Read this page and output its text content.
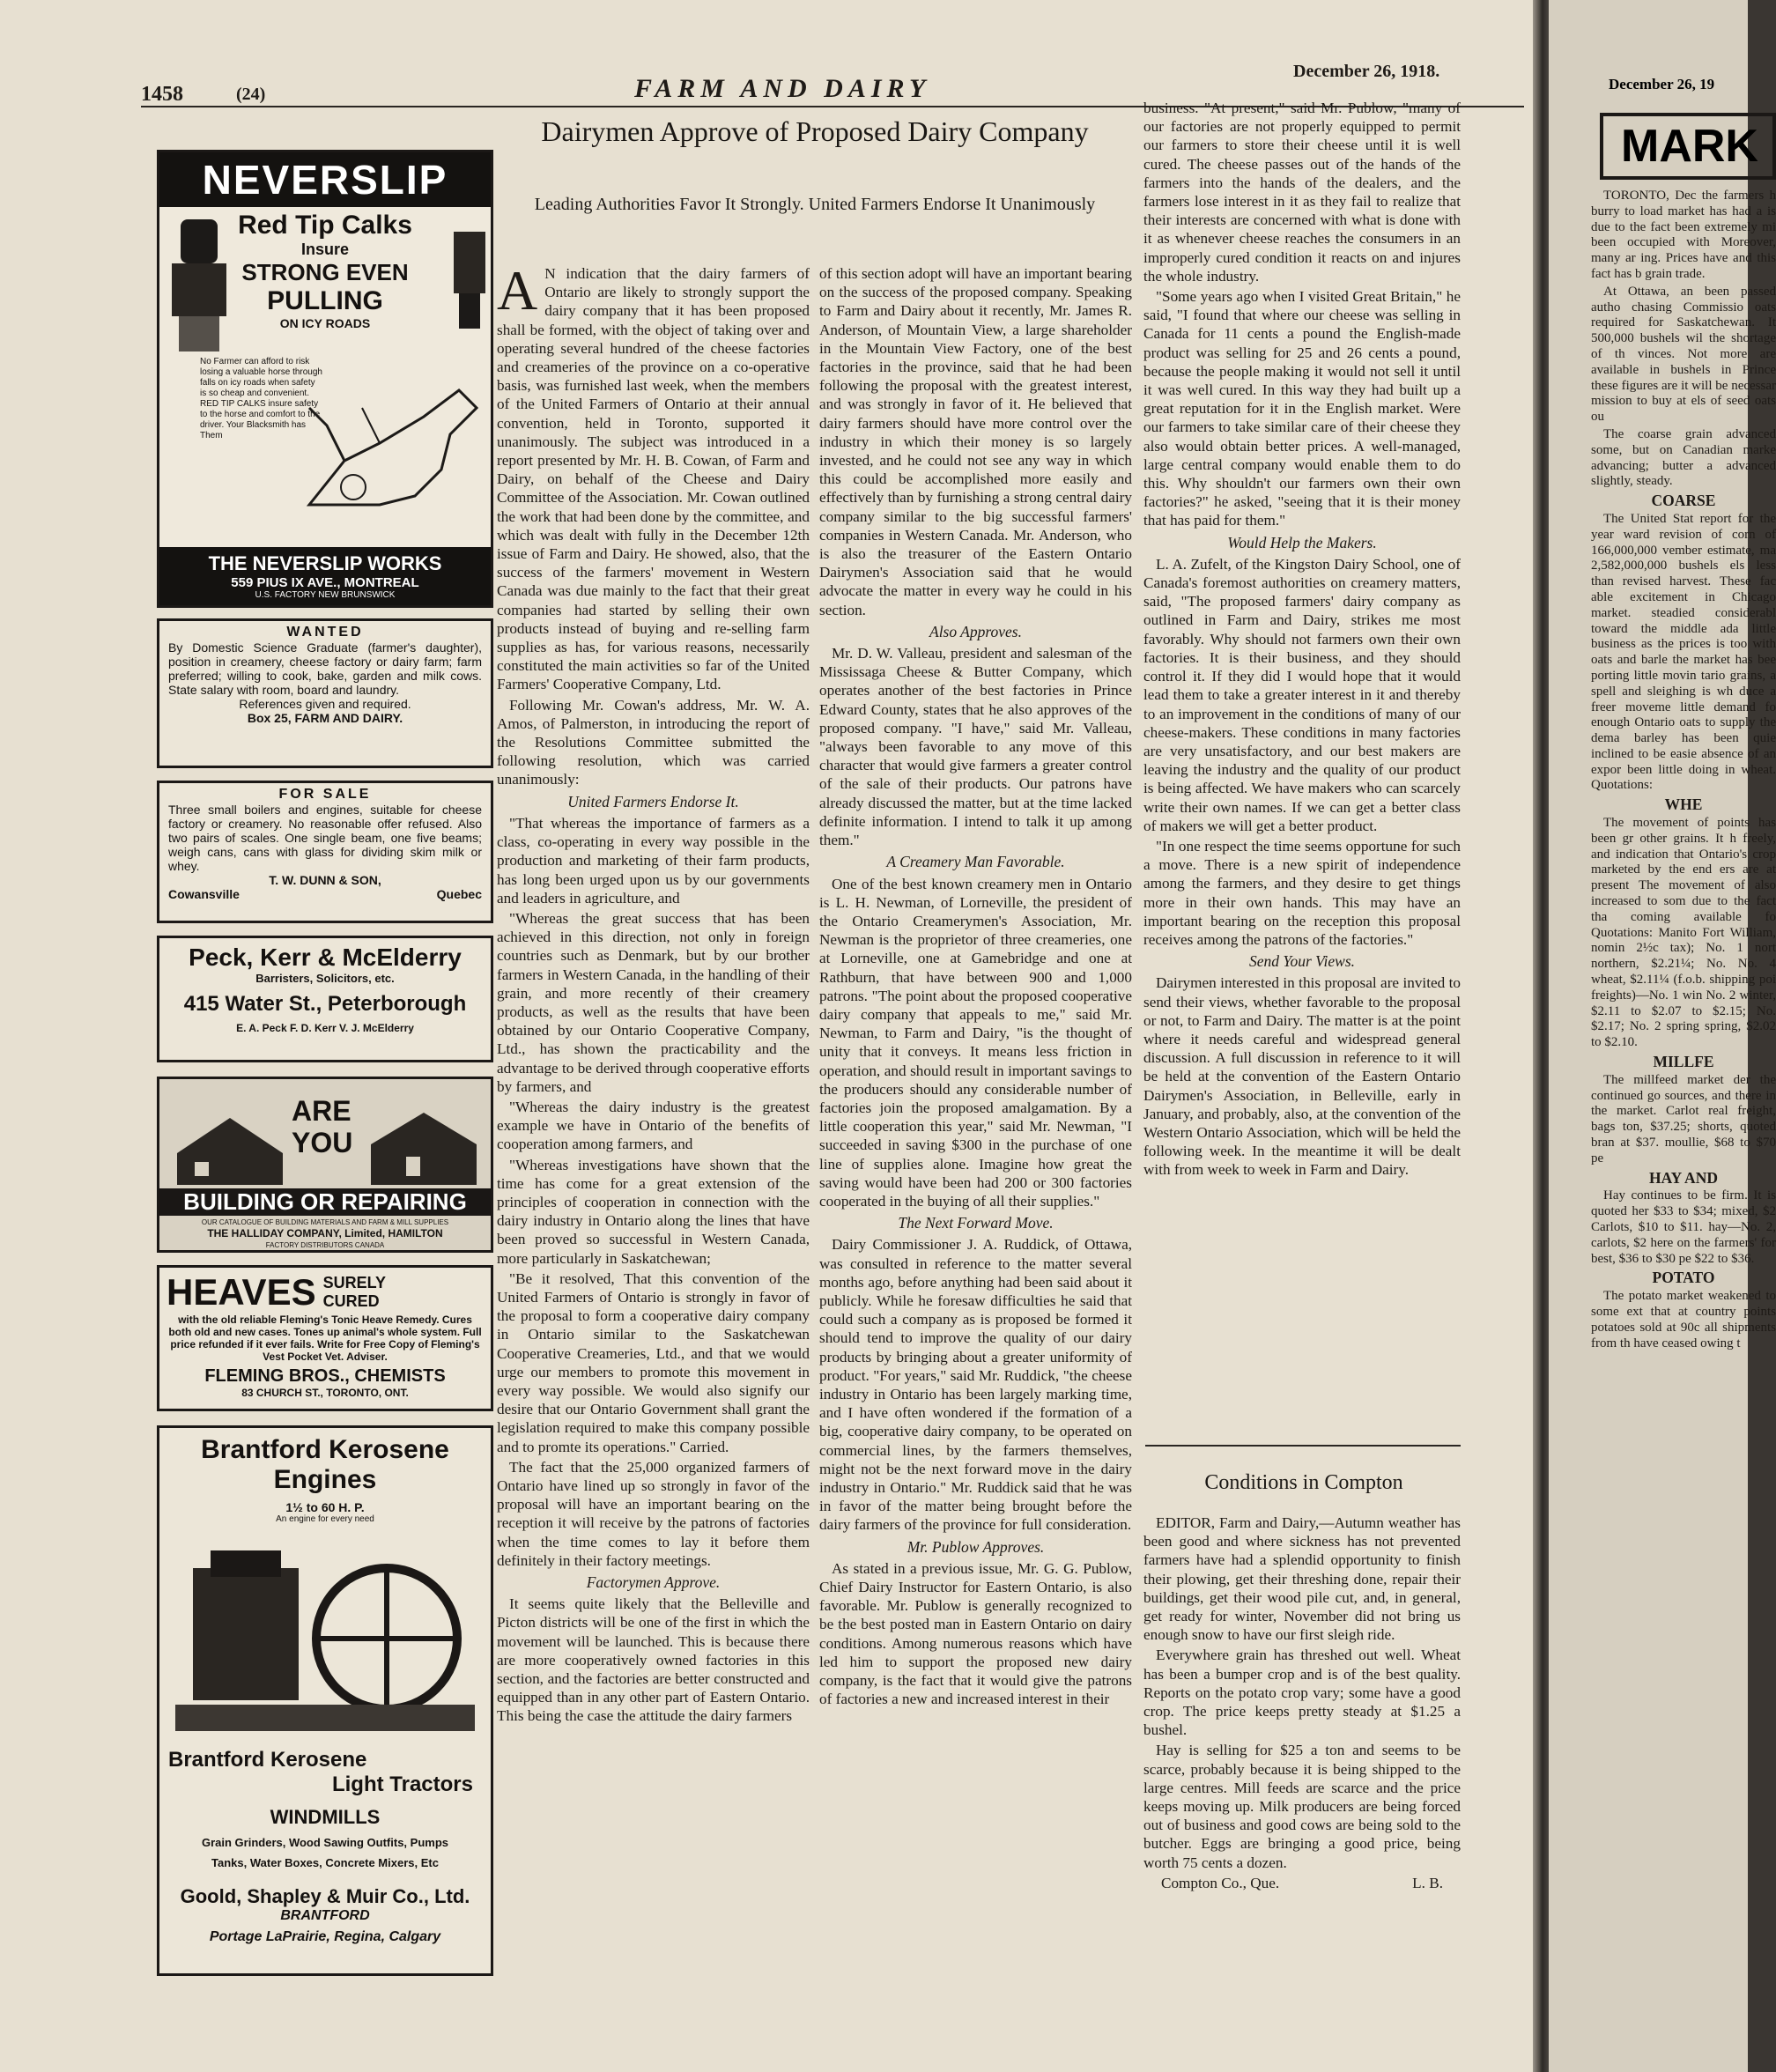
1458	(24)	FARM AND DAIRY
December 26, 1918.
NEVERSLIP
Red Tip Calks
Insure
STRONG EVEN
PULLING
ON ICY ROADS
No Farmer can afford to risk losing a valuable horse through falls on icy roads when safety is so cheap and convenient. RED TIP CALKS insure safety to the horse and comfort to the driver. Your Blacksmith has Them
THE NEVERSLIP WORKS
559 PIUS IX AVE., MONTREAL
U.S. FACTORY NEW BRUNSWICK
WANTED
By Domestic Science Graduate (farmer's daughter), position in creamery, cheese factory or dairy farm; farm preferred; willing to cook, bake, garden and milk cows. State salary with room, board and laundry.
References given and required.
Box 25, FARM AND DAIRY.
FOR SALE
Three small boilers and engines, suitable for cheese factory or creamery. No reasonable offer refused. Also two pairs of scales. One single beam, one five beams; weigh cans, cans with glass for dividing skim milk or whey.
T. W. DUNN & SON,
Cowansville	Quebec
Peck, Kerr & McElderry
Barristers, Solicitors, etc.
415 Water St., Peterborough
E. A. Peck F. D. Kerr V. J. McElderry
ARE
YOU
BUILDING OR REPAIRING
OUR CATALOGUE OF BUILDING MATERIALS AND FARM & MILL SUPPLIES
THE HALLIDAY COMPANY, Limited, HAMILTON
FACTORY DISTRIBUTORS CANADA
HEAVES SURELY
CURED
with the old reliable Fleming's Tonic Heave Remedy. Cures both old and new cases. Tones up animal's whole system. Full price refunded if it ever fails. Write for Free Copy of Fleming's Vest Pocket Vet. Adviser.
FLEMING BROS., CHEMISTS
83 CHURCH ST., TORONTO, ONT.
Brantford Kerosene Engines
1½ to 60 H. P.
An engine for every need
Brantford Kerosene
Light Tractors
WINDMILLS
Grain Grinders, Wood Sawing Outfits, Pumps
Tanks, Water Boxes, Concrete Mixers, Etc
Goold, Shapley & Muir Co., Ltd.
BRANTFORD
Portage LaPrairie, Regina, Calgary
Dairymen Approve of Proposed Dairy Company
Leading Authorities Favor It Strongly. United Farmers Endorse It Unanimously

A N indication that the dairy farmers of Ontario are likely to strongly support the dairy company that it has been proposed shall be formed, with the object of taking over and operating several hundred of the cheese factories and creameries of the province on a co-operative basis, was furnished last week, when the members of the United Farmers of Ontario at their annual convention, held in Toronto, supported it unanimously. The subject was introduced in a report presented by Mr. H. B. Cowan, of Farm and Dairy, on behalf of the Cheese and Dairy Committee of the Association. Mr. Cowan outlined the work that had been done by the committee, and which was dealt with fully in the December 12th issue of Farm and Dairy. He showed, also, that the success of the farmers' movement in Western Canada was due mainly to the fact that their great companies had started by selling their own products instead of buying and re-selling farm supplies as has, for various reasons, necessarily constituted the main activities so far of the United Farmers' Cooperative Company, Ltd.

Following Mr. Cowan's address, Mr. W. A. Amos, of Palmerston, in introducing the report of the Resolutions Committee submitted the following resolution, which was carried unanimously:

United Farmers Endorse It.

"That whereas the importance of farmers as a class, co-operating in every way possible in the production and marketing of their farm products, has long been urged upon us by our governments and leaders in agriculture, and

"Whereas the great success that has been achieved in this direction, not only in foreign countries such as Denmark, but by our brother farmers in Western Canada, in the handling of their grain, and more recently of their creamery products, as well as the results that have been obtained by our Ontario Cooperative Company, Ltd., has shown the practicability and the advantage to be derived through cooperative efforts by farmers, and

"Whereas the dairy industry is the greatest example we have in Ontario of the benefits of cooperation among farmers, and

"Whereas investigations have shown that the time has come for a great extension of the principles of cooperation in connection with the dairy industry in Ontario along the lines that have been proved so successful in Western Canada, more particularly in Saskatchewan;

"Be it resolved, That this convention of the United Farmers of Ontario is strongly in favor of the proposal to form a cooperative dairy company in Ontario similar to the Saskatchewan Cooperative Creameries, Ltd., and that we would urge our members to promote this movement in every way possible. We would also signify our desire that our Ontario Government shall grant the legislation required to make this company possible and to promte its operations." Carried.

The fact that the 25,000 organized farmers of Ontario have lined up so strongly in favor of the proposal will have an important bearing on the reception it will receive by the patrons of factories when the time comes to lay it before them definitely in their factory meetings.

Factorymen Approve.

It seems quite likely that the Belleville and Picton districts will be one of the first in which the movement will be launched. This is because there are more cooperatively owned factories in this section, and the factories are better constructed and equipped than in any other part of Eastern Ontario. This being the case the attitude the dairy farmers

of this section adopt will have an important bearing on the success of the proposed company. Speaking to Farm and Dairy about it recently, Mr. James R. Anderson, of Mountain View, a large shareholder in the Mountain View Factory, one of the best factories in the province, said that he had been following the proposal with the greatest interest, and was strongly in favor of it. He believed that dairy farmers should have more control over the industry in which their money is so largely invested, and he could not see any way in which this could be accomplished more easily and effectively than by furnishing a strong central dairy company similar to the big successful farmers' companies in Western Canada. Mr. Anderson, who is also the treasurer of the Eastern Ontario Dairymen's Association said that he would advocate the matter in every way he could in his section.

Also Approves.

Mr. D. W. Valleau, president and salesman of the Mississaga Cheese & Butter Company, which operates another of the best factories in Prince Edward County, states that he also approves of the proposed company. "I have," said Mr. Valleau, "always been favorable to any move of this character that would give farmers a greater control of the sale of their products. Our patrons have already discussed the matter, but at the time lacked definite information. I intend to talk it up among them."

A Creamery Man Favorable.

One of the best known creamery men in Ontario is L. H. Newman, of Lorneville, the president of the Ontario Creamerymen's Association, Mr. Newman is the proprietor of three creameries, one at Lorneville, one at Gamebridge and one at Rathburn, that have between 900 and 1,000 patrons. "The point about the proposed cooperative dairy company that appeals to me," said Mr. Newman, to Farm and Dairy, "is the thought of unity that it conveys. It means less friction in operation, and should result in important savings to the producers should any considerable number of factories join the proposed amalgamation. By a little cooperation this year," said Mr. Newman, "I succeeded in saving $300 in the purchase of one line of supplies alone. Imagine how great the saving would have been had 200 or 300 factories cooperated in the buying of all their supplies."

The Next Forward Move.

Dairy Commissioner J. A. Ruddick, of Ottawa, was consulted in reference to the matter several months ago, before anything had been said about it publicly. While he foresaw difficulties he said that could such a company as is proposed be formed it should tend to improve the quality of our dairy products by bringing about a greater uniformity of product. "For years," said Mr. Ruddick, "the cheese industry in Ontario has been largely marking time, and I have often wondered if the formation of a big, cooperative dairy company, to be operated on commercial lines, by the farmers themselves, might not be the next forward move in the dairy industry in Ontario." Mr. Ruddick said that he was in favor of the matter being brought before the dairy farmers of the province for full consideration.

Mr. Publow Approves.

As stated in a previous issue, Mr. G. G. Publow, Chief Dairy Instructor for Eastern Ontario, is also favorable. Mr. Publow is generally recognized to be the best posted man in Eastern Ontario on dairy conditions. Among numerous reasons which have led him to support the proposed new dairy company, is the fact that it would give the patrons of factories a new and increased interest in their

business. "At present," said Mr. Publow, "many of our factories are not properly equipped to permit our farmers to store their cheese until it is well cured. The cheese passes out of the hands of the farmers into the hands of the dealers, and the farmers lose interest in it as they fail to realize that their interests are concerned with what is done with it as whenever cheese reaches the consumers in an improperly cured condition it reacts on and injures the whole industry.

"Some years ago when I visited Great Britain," he said, "I found that where our cheese was selling in Canada for 11 cents a pound the English-made product was selling for 25 and 26 cents a pound, because the people making it would not sell it until it was well cured. In this way they had built up a great reputation for it in the English market. Were our farmers to take similar care of their cheese they also would obtain better prices. A well-managed, large central company would enable them to do this. Why shouldn't our farmers own their own factories?" he asked, "seeing that it is their money that has paid for them."

Would Help the Makers.

L. A. Zufelt, of the Kingston Dairy School, one of Canada's foremost authorities on creamery matters, said, "The proposed farmers' dairy company as outlined in Farm and Dairy, strikes me most favorably. Why should not farmers own their own factories. It is their business, and they should control it. If they did I would hope that it would lead them to take a greater interest in it and thereby to an improvement in the conditions of many of our cheese-makers. These conditions in many factories are very unsatisfactory, and our best makers are leaving the industry and the quality of our product is being affected. We have makers who can scarcely write their own names. If we can get a better class of makers we will get a better product.

"In one respect the time seems opportune for such a move. There is a new spirit of independence among the farmers, and they desire to get things more in their own hands. This may have an important bearing on the reception this proposal receives among the patrons of the factories."

Send Your Views.

Dairymen interested in this proposal are invited to send their views, whether favorable to the proposal or not, to Farm and Dairy. The matter is at the point where it needs careful and widespread general discussion. A full discussion in reference to it will be held at the convention of the Eastern Ontario Dairymen's Association, in Belleville, early in January, and probably, also, at the convention of the Western Ontario Association, which will be held the following week. In the meantime it will be dealt with from week to week in Farm and Dairy.

Conditions in Compton

EDITOR, Farm and Dairy,—Autumn weather has been good and where sickness has not prevented farmers have had a splendid opportunity to finish their plowing, get their threshing done, repair their buildings, get their wood pile cut, and, in general, get ready for winter, November did not bring us enough snow to have our first sleigh ride.

Everywhere grain has threshed out well. Wheat has been a bumper crop and is of the best quality. Reports on the potato crop vary; some have a good crop. The price keeps pretty steady at $1.25 a bushel.

Hay is selling for $25 a ton and seems to be scarce, probably because it is being shipped to the large centres. Mill feeds are scarce and the price keeps moving up. Milk producers are being forced out of business and good cows are being sold to the butcher. Eggs are bringing a good price, being worth 75 cents a dozen.

Compton Co., Que.	L. B.
December 26, 19
MARK

TORONTO, Dec the farmers h burry to load market has had a is due to the fact been extremely mi been occupied with Moreover, many ar ing. Prices have and this fact has b grain trade.

At Ottawa, an been passed autho chasing Commissio oats required for Saskatchewan. It 500,000 bushels wil the shortage of th vinces. Not more are available in bushels in Prince these figures are it will be necessar mission to buy at els of seed oats ou

The coarse grain advanced some, but on Canadian marke advancing; butter a advanced slightly, steady.

COARSE

The United Stat report for the year ward revision of corn of 166,000,000 vember estimate, ma 2,582,000,000 bushels els less than revised harvest. These fac able excitement in Chicago market. steadied considerabl toward the middle ada little business as the prices is too with oats and barle the market has bee porting little movin tario grains, a spell and sleighing is wh duce a freer moveme little demand fo enough Ontario oats to supply the dema barley has been quie inclined to be easie absence of an expor been little doing in wheat. Quotations:

WHE

The movement of points has been gr other grains. It h freely, and indication that Ontario's crop marketed by the end ers are at present The movement of also increased to som due to the fact tha coming available fo Quotations: Manito Fort William, nomin 2½c tax); No. 1 nort northern, $2.21¼; No. No. 4 wheat, $2.11¼ (f.o.b. shipping poi freights)—No. 1 win No. 2 winter, $2.11 to $2.07 to $2.15; No. $2.17; No. 2 spring spring, $2.02 to $2.10.

MILLFE

The millfeed market der the continued go sources, and there in the market. Carlot real freight, bags ton, $37.25; shorts, quoted bran at $37. moullie, $68 to $70 pe

HAY AND

Hay continues to be firm. It is quoted her $33 to $34; mixed, $2 Carlots, $10 to $11. hay—No. 2, carlots, $2 here on the farmers' for best, $36 to $30 pe $22 to $36.

POTATO

The potato market weakened to some ext that at country points potatoes sold at 90c all shipments from th have ceased owing t
